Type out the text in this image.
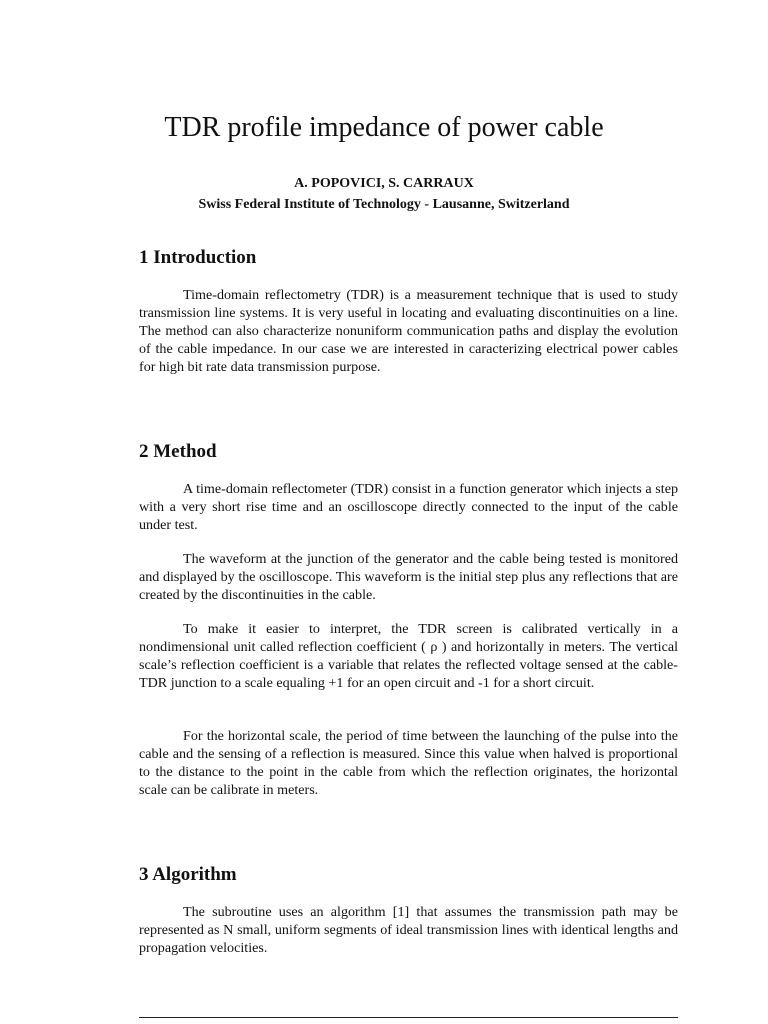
TDR profile impedance of power cable
A. POPOVICI, S. CARRAUX
Swiss Federal Institute of Technology - Lausanne, Switzerland
1 Introduction

Time-domain reflectometry (TDR) is a measurement technique that is used to study transmission line systems. It is very useful in locating and evaluating discontinuities on a line. The method can also characterize nonuniform communication paths and display the evolution of the cable impedance. In our case we are interested in caracterizing electrical power cables for high bit rate data transmission purpose.

2 Method

A time-domain reflectometer (TDR) consist in a function generator which injects a step with a very short rise time and an oscilloscope directly connected to the input of the cable under test.

The waveform at the junction of the generator and the cable being tested is monitored and displayed by the oscilloscope. This waveform is the initial step plus any reflections that are created by the discontinuities in the cable.

To make it easier to interpret, the TDR screen is calibrated vertically in a nondimensional unit called reflection coefficient ( ρ ) and horizontally in meters. The vertical scale’s reflection coefficient is a variable that relates the reflected voltage sensed at the cable-TDR junction to a scale equaling +1 for an open circuit and -1 for a short circuit.

For the horizontal scale, the period of time between the launching of the pulse into the cable and the sensing of a reflection is measured. Since this value when halved is proportional to the distance to the point in the cable from which the reflection originates, the horizontal scale can be calibrate in meters.

3 Algorithm

The subroutine uses an algorithm [1] that assumes the transmission path may be represented as N small, uniform segments of ideal transmission lines with identical lengths and propagation velocities.
